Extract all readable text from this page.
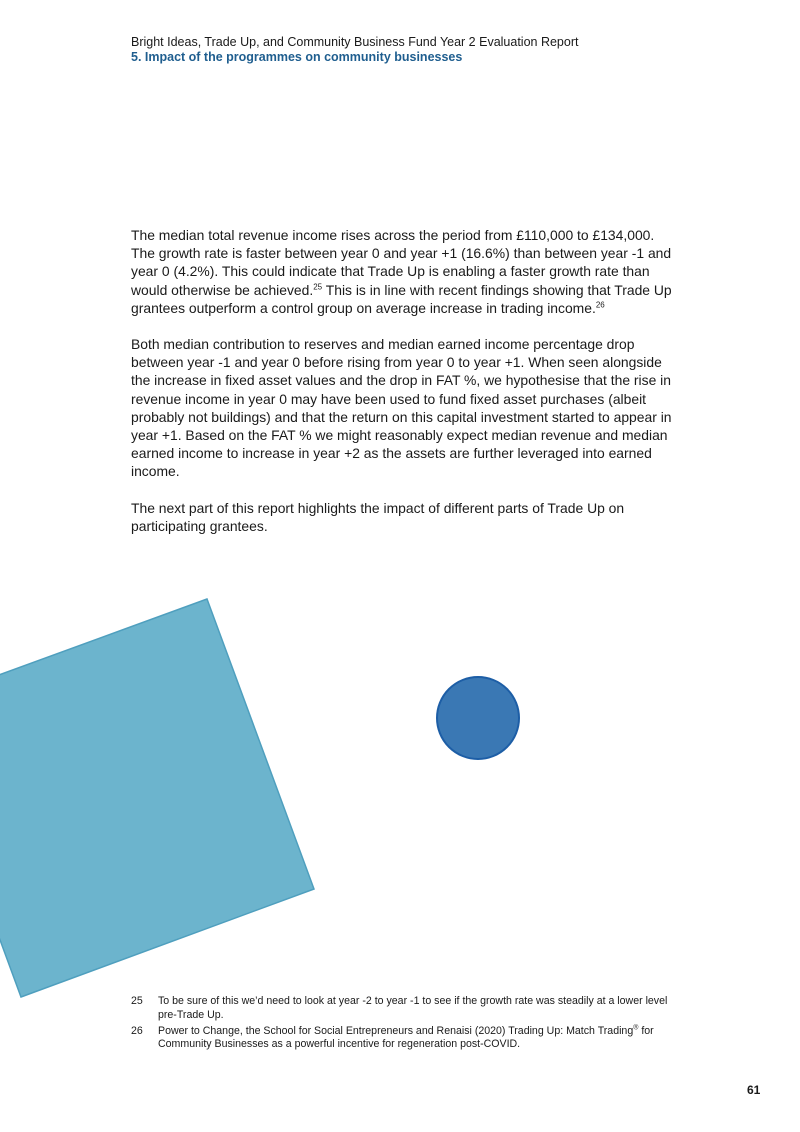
Bright Ideas, Trade Up, and Community Business Fund Year 2 Evaluation Report
5. Impact of the programmes on community businesses

The median total revenue income rises across the period from £110,000 to £134,000. The growth rate is faster between year 0 and year +1 (16.6%) than between year -1 and year 0 (4.2%). This could indicate that Trade Up is enabling a faster growth rate than would otherwise be achieved.$^{25}$ This is in line with recent findings showing that Trade Up grantees outperform a control group on average increase in trading income.$^{26}$

Both median contribution to reserves and median earned income percentage drop between year -1 and year 0 before rising from year 0 to year +1. When seen alongside the increase in fixed asset values and the drop in FAT %, we hypothesise that the rise in revenue income in year 0 may have been used to fund fixed asset purchases (albeit probably not buildings) and that the return on this capital investment started to appear in year +1. Based on the FAT % we might reasonably expect median revenue and median earned income to increase in year +2 as the assets are further leveraged into earned income.

The next part of this report highlights the impact of different parts of Trade Up on participating grantees.

25	To be sure of this we’d need to look at year -2 to year -1 to see if the growth rate was steadily at a lower level pre-Trade Up.
26	Power to Change, the School for Social Entrepreneurs and Renaisi (2020) Trading Up: Match Trading® for Community Businesses as a powerful incentive for regeneration post-COVID.
61
